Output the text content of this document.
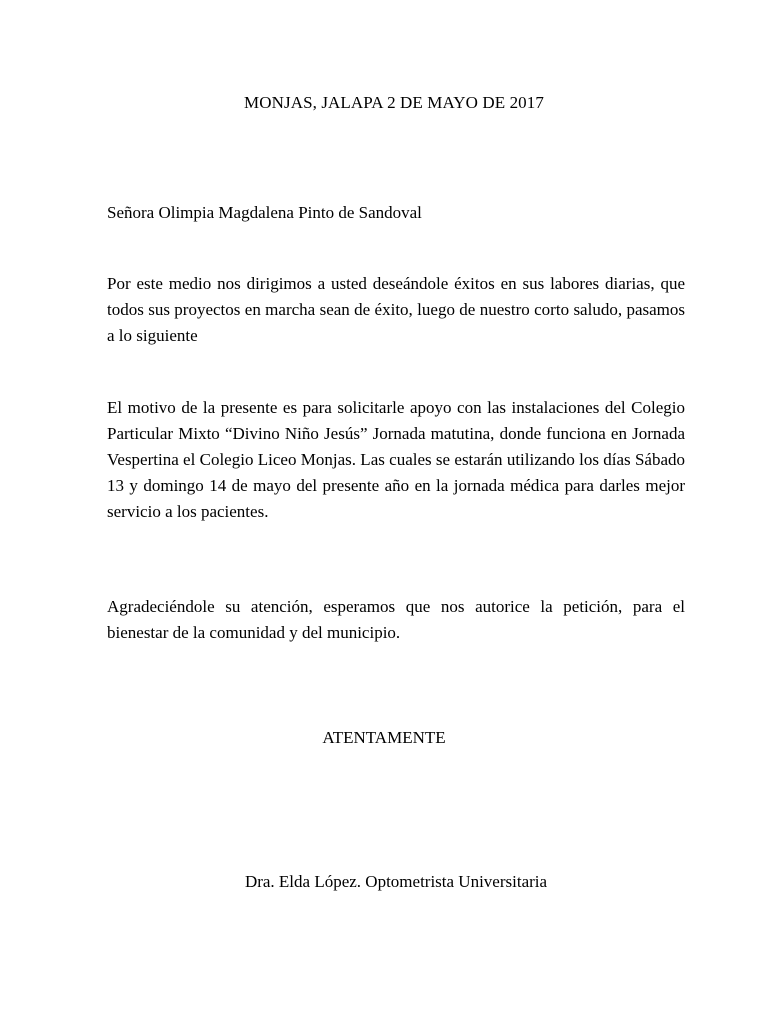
MONJAS, JALAPA 2 DE MAYO DE 2017
Señora Olimpia Magdalena Pinto de Sandoval

Por este medio nos dirigimos a usted deseándole éxitos en sus labores diarias, que todos sus proyectos en marcha sean de éxito, luego de nuestro corto saludo, pasamos a lo siguiente

El motivo de la presente es para solicitarle apoyo con las instalaciones del Colegio Particular Mixto “Divino Niño Jesús” Jornada matutina, donde funciona en Jornada Vespertina el Colegio Liceo Monjas. Las cuales se estarán utilizando los días Sábado 13 y domingo 14 de mayo del presente año en la jornada médica para darles mejor servicio a los pacientes.

Agradeciéndole su atención, esperamos que nos autorice la petición, para el bienestar de la comunidad y del municipio.

ATENTAMENTE
Dra. Elda López. Optometrista Universitaria
